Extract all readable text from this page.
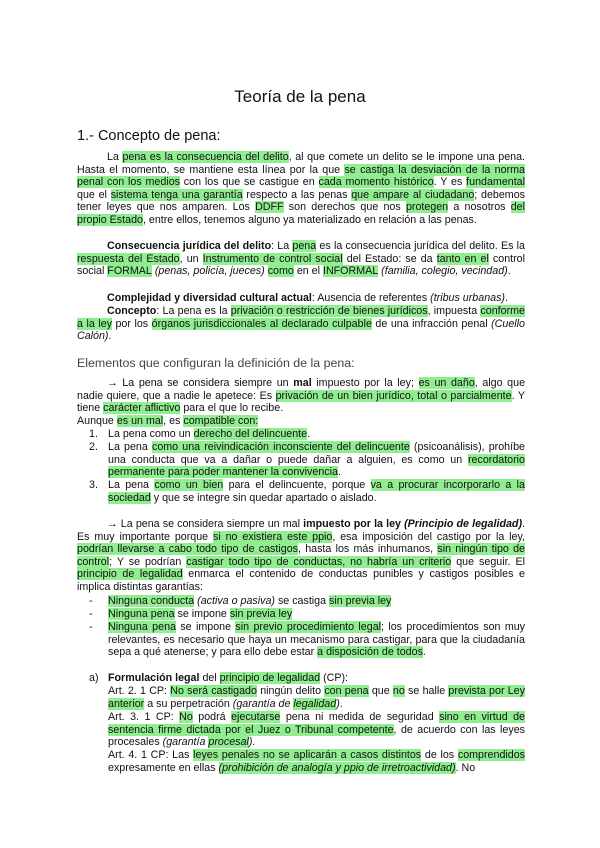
Teoría de la pena
1.- Concepto de pena:

La pena es la consecuencia del delito, al que comete un delito se le impone una pena. Hasta el momento, se mantiene esta línea por la que se castiga la desviación de la norma penal con los medios con los que se castigue en cada momento histórico. Y es fundamental que el sistema tenga una garantía respecto a las penas que ampare al ciudadano; debemos tener leyes que nos amparen. Los DDFF son derechos que nos protegen a nosotros del propio Estado, entre ellos, tenemos alguno ya materializado en relación a las penas.

Consecuencia jurídica del delito: La pena es la consecuencia jurídica del delito. Es la respuesta del Estado, un Instrumento de control social del Estado: se da tanto en el control social FORMAL (penas, policía, jueces) como en el INFORMAL (familia, colegio, vecindad).

Complejidad y diversidad cultural actual: Ausencia de referentes (tribus urbanas).

Concepto: La pena es la privación o restricción de bienes jurídicos, impuesta conforme a la ley por los órganos jurisdiccionales al declarado culpable de una infracción penal (Cuello Calón).

Elementos que configuran la definición de la pena:

→ La pena se considera siempre un mal impuesto por la ley; es un daño, algo que nadie quiere, que a nadie le apetece: Es privación de un bien jurídico, total o parcialmente. Y tiene carácter aflictivo para el que lo recibe.

Aunque es un mal, es compatible con:

1. La pena como un derecho del delincuente.

2. La pena como una reivindicación inconsciente del delincuente (psicoanálisis), prohíbe una conducta que va a dañar o puede dañar a alguien, es como un recordatorio permanente para poder mantener la convivencia.

3. La pena como un bien para el delincuente, porque va a procurar incorporarlo a la sociedad y que se integre sin quedar apartado o aislado.

→ La pena se considera siempre un mal impuesto por la ley (Principio de legalidad). Es muy importante porque si no existiera este ppio, esa imposición del castigo por la ley, podrían llevarse a cabo todo tipo de castigos, hasta los más inhumanos, sin ningún tipo de control; Y se podrían castigar todo tipo de conductas, no habría un criterio que seguir. El principio de legalidad enmarca el contenido de conductas punibles y castigos posibles e implica distintas garantías:

- Ninguna conducta (activa o pasiva) se castiga sin previa ley

- Ninguna pena se impone sin previa ley

- Ninguna pena se impone sin previo procedimiento legal; los procedimientos son muy relevantes, es necesario que haya un mecanismo para castigar, para que la ciudadanía sepa a qué atenerse; y para ello debe estar a disposición de todos.

a) Formulación legal del principio de legalidad (CP):

Art. 2. 1 CP: No será castigado ningún delito con pena que no se halle prevista por Ley anterior a su perpetración (garantía de legalidad).

Art. 3. 1 CP: No podrá ejecutarse pena ni medida de seguridad sino en virtud de sentencia firme dictada por el Juez o Tribunal competente, de acuerdo con las leyes procesales (garantía procesal).

Art. 4. 1 CP: Las leyes penales no se aplicarán a casos distintos de los comprendidos expresamente en ellas (prohibición de analogía y ppio de irretroactividad). No
